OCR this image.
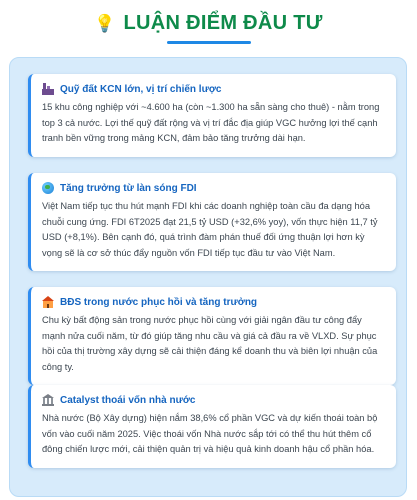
💡 LUẬN ĐIỂM ĐẦU TƯ
Quỹ đất KCN lớn, vị trí chiến lược
15 khu công nghiệp với ~4.600 ha (còn ~1.300 ha sẵn sàng cho thuê) - nằm trong top 3 cả nước. Lợi thế quỹ đất rộng và vị trí đắc địa giúp VGC hưởng lợi thế cạnh tranh bền vững trong mảng KCN, đảm bảo tăng trưởng dài hạn.
Tăng trưởng từ làn sóng FDI
Việt Nam tiếp tục thu hút mạnh FDI khi các doanh nghiệp toàn cầu đa dạng hóa chuỗi cung ứng. FDI 6T2025 đạt 21,5 tỷ USD (+32,6% yoy), vốn thực hiện 11,7 tỷ USD (+8,1%). Bên cạnh đó, quá trình đàm phán thuế đối ứng thuận lợi hơn kỳ vọng sẽ là cơ sở thúc đẩy nguồn vốn FDI tiếp tục đầu tư vào Việt Nam.
BĐS trong nước phục hồi và tăng trưởng
Chu kỳ bất động sản trong nước phục hồi cùng với giải ngân đầu tư công đẩy mạnh nửa cuối năm, từ đó giúp tăng nhu cầu và giá cả đầu ra về VLXD. Sự phục hồi của thị trường xây dựng sẽ cải thiện đáng kể doanh thu và biên lợi nhuận của công ty.
Catalyst thoái vốn nhà nước
Nhà nước (Bộ Xây dựng) hiện nắm 38,6% cổ phần VGC và dự kiến thoái toàn bộ vốn vào cuối năm 2025. Việc thoái vốn Nhà nước sắp tới có thể thu hút thêm cổ đông chiến lược mới, cải thiện quản trị và hiệu quả kinh doanh hậu cổ phần hóa.
